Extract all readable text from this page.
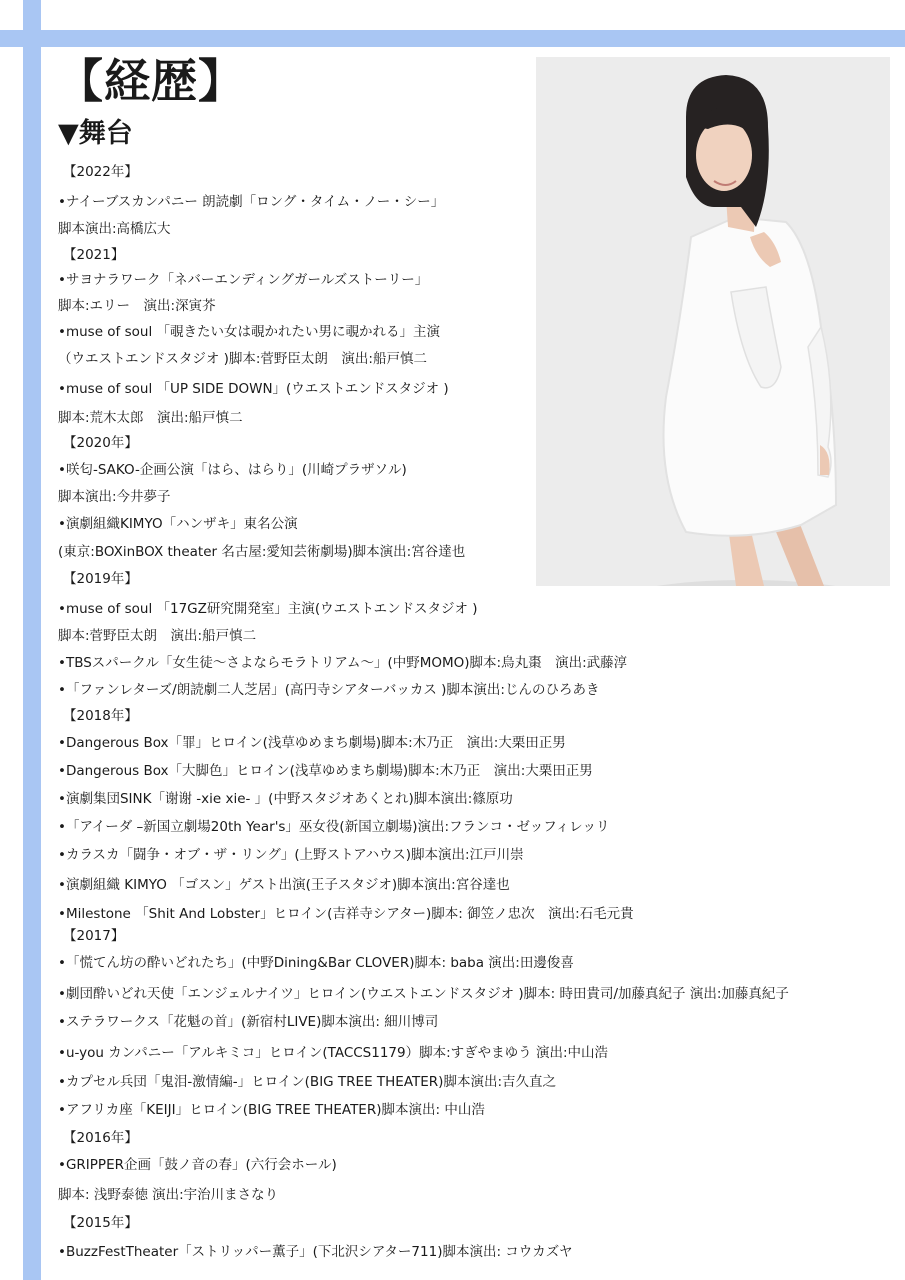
【経歴】
▼舞台
【2022年】
•ナイーブスカンパニー 朗読劇「ロング・タイム・ノー・シー」
脚本演出:高橋広大
【2021】
•サヨナラワーク「ネバーエンディングガールズストーリー」
脚本:エリー　演出:深寅芥
•muse of soul 「覗きたい女は覗かれたい男に覗かれる」主演
（ウエストエンドスタジオ )脚本:菅野臣太朗　演出:船戸慎二
•muse of soul 「UP SIDE DOWN」(ウエストエンドスタジオ )
脚本:荒木太郎　演出:船戸慎二
【2020年】
•咲匂-SAKO-企画公演「はら、はらり」(川崎プラザソル)
脚本演出:今井夢子
•演劇組織KIMYO「ハンザキ」東名公演
(東京:BOXinBOX theater 名古屋:愛知芸術劇場)脚本演出:宮谷達也
【2019年】
•muse of soul 「17GZ研究開発室」主演(ウエストエンドスタジオ )
脚本:菅野臣太朗　演出:船戸慎二
•TBSスパークル「女生徒〜さよならモラトリアム〜」(中野MOMO)脚本:烏丸棗　演出:武藤淳
•「ファンレターズ/朗読劇二人芝居」(高円寺シアターバッカス )脚本演出:じんのひろあき
【2018年】
•Dangerous Box「罪」ヒロイン(浅草ゆめまち劇場)脚本:木乃正　演出:大栗田正男
•Dangerous Box「大脚色」ヒロイン(浅草ゆめまち劇場)脚本:木乃正　演出:大栗田正男
•演劇集団SINK「谢谢 -xie xie- 」(中野スタジオあくとれ)脚本演出:篠原功
•「アイーダ –新国立劇場20th Year's」巫女役(新国立劇場)演出:フランコ・ゼッフィレッリ
•カラスカ「闘争・オブ・ザ・リング」(上野ストアハウス)脚本演出:江戸川崇
•演劇組織 KIMYO 「ゴスン」ゲスト出演(王子スタジオ)脚本演出:宮谷達也
•Milestone 「Shit And Lobster」ヒロイン(吉祥寺シアター)脚本: 御笠ノ忠次　演出:石毛元貴
【2017】
•「慌てん坊の酔いどれたち」(中野Dining&Bar CLOVER)脚本: baba 演出:田邊俊喜
•劇団酔いどれ天使「エンジェルナイツ」ヒロイン(ウエストエンドスタジオ )脚本: 時田貴司/加藤真紀子 演出:加藤真紀子
•ステラワークス「花魁の首」(新宿村LIVE)脚本演出: 細川博司
•u-you カンパニー「アルキミコ」ヒロイン(TACCS1179）脚本:すぎやまゆう 演出:中山浩
•カプセル兵団「鬼泪-激情編-」ヒロイン(BIG TREE THEATER)脚本演出:吉久直之
•アフリカ座「KEIJI」ヒロイン(BIG TREE THEATER)脚本演出: 中山浩
【2016年】
•GRIPPER企画「鼓ノ音の春」(六行会ホール)
脚本: 浅野泰徳 演出:宇治川まさなり
【2015年】
•BuzzFestTheater「ストリッパー薫子」(下北沢シアター711)脚本演出: コウカズヤ
